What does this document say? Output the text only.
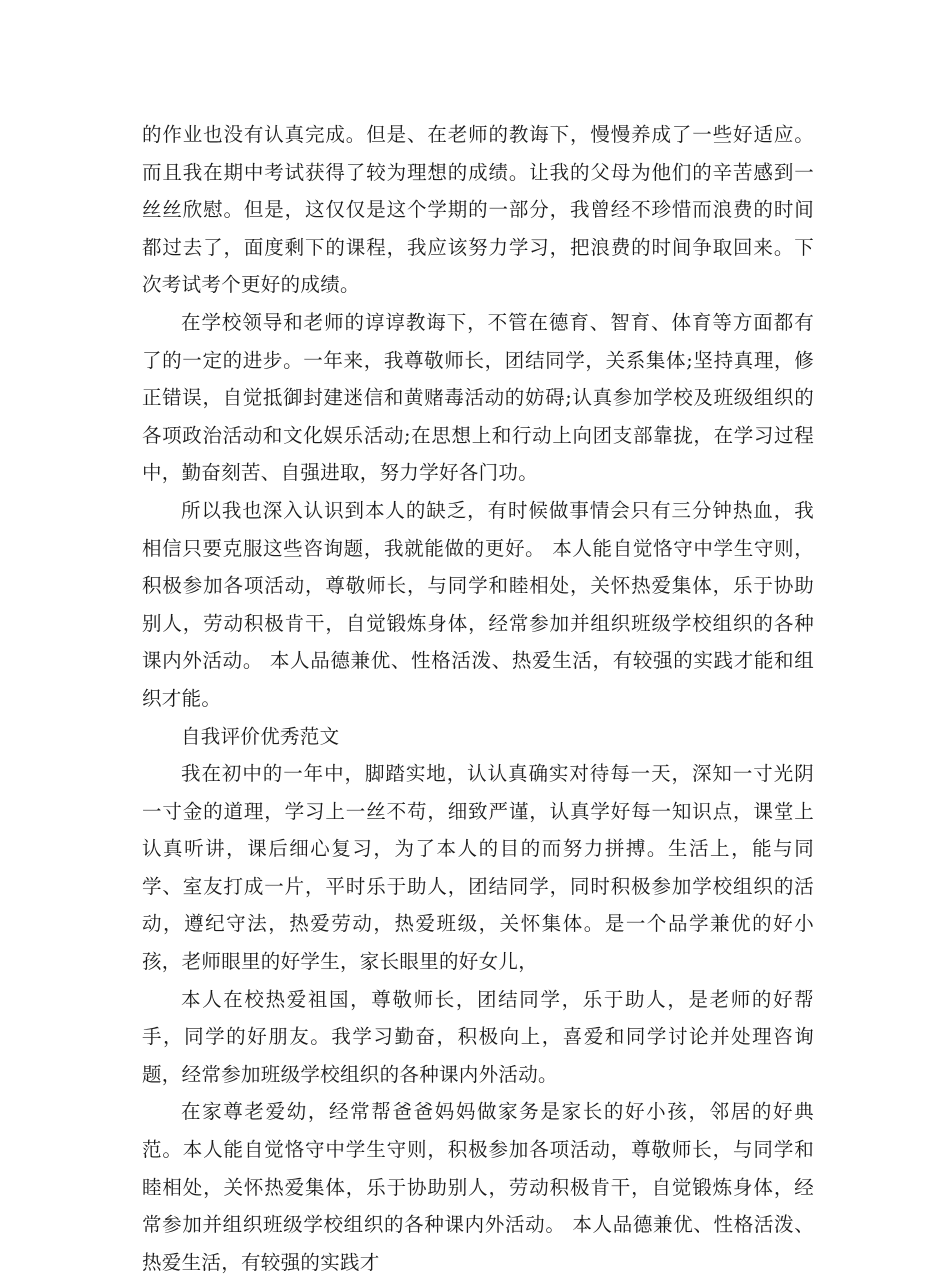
的作业也没有认真完成。但是、在老师的教诲下，慢慢养成了一些好适应。而且我在期中考试获得了较为理想的成绩。让我的父母为他们的辛苦感到一丝丝欣慰。但是，这仅仅是这个学期的一部分，我曾经不珍惜而浪费的时间都过去了，面度剩下的课程，我应该努力学习，把浪费的时间争取回来。下次考试考个更好的成绩。

在学校领导和老师的谆谆教诲下，不管在德育、智育、体育等方面都有了的一定的进步。一年来，我尊敬师长，团结同学，关系集体;坚持真理，修正错误，自觉抵御封建迷信和黄赌毒活动的妨碍;认真参加学校及班级组织的各项政治活动和文化娱乐活动;在思想上和行动上向团支部靠拢，在学习过程中，勤奋刻苦、自强进取，努力学好各门功。

所以我也深入认识到本人的缺乏，有时候做事情会只有三分钟热血，我相信只要克服这些咨询题，我就能做的更好。 本人能自觉恪守中学生守则，积极参加各项活动，尊敬师长，与同学和睦相处，关怀热爱集体，乐于协助别人，劳动积极肯干，自觉锻炼身体，经常参加并组织班级学校组织的各种课内外活动。 本人品德兼优、性格活泼、热爱生活，有较强的实践才能和组织才能。

自我评价优秀范文

我在初中的一年中，脚踏实地，认认真确实对待每一天，深知一寸光阴一寸金的道理，学习上一丝不苟，细致严谨，认真学好每一知识点，课堂上认真听讲，课后细心复习，为了本人的目的而努力拼搏。生活上，能与同学、室友打成一片，平时乐于助人，团结同学，同时积极参加学校组织的活动，遵纪守法，热爱劳动，热爱班级，关怀集体。是一个品学兼优的好小孩，老师眼里的好学生，家长眼里的好女儿，

本人在校热爱祖国，尊敬师长，团结同学，乐于助人，是老师的好帮手，同学的好朋友。我学习勤奋，积极向上，喜爱和同学讨论并处理咨询题，经常参加班级学校组织的各种课内外活动。

在家尊老爱幼，经常帮爸爸妈妈做家务是家长的好小孩，邻居的好典范。本人能自觉恪守中学生守则，积极参加各项活动，尊敬师长，与同学和睦相处，关怀热爱集体，乐于协助别人，劳动积极肯干，自觉锻炼身体，经常参加并组织班级学校组织的各种课内外活动。 本人品德兼优、性格活泼、热爱生活，有较强的实践才
